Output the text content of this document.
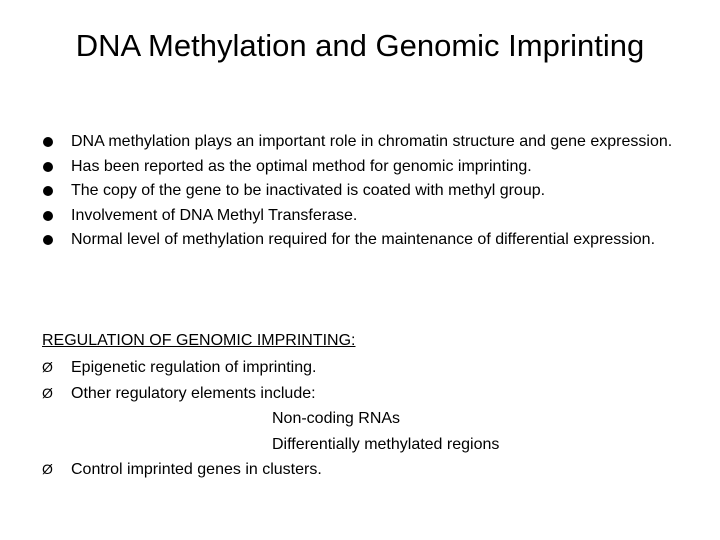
DNA Methylation and Genomic Imprinting
DNA methylation plays an important role in chromatin structure and gene expression.
Has been reported as the optimal method for genomic imprinting.
The copy of the gene to be inactivated is coated with methyl group.
Involvement of DNA Methyl Transferase.
Normal level of methylation required for the maintenance of differential expression.
REGULATION OF GENOMIC IMPRINTING:
Ø Epigenetic regulation of imprinting.
Ø Other regulatory elements include:
Non-coding RNAs
Differentially methylated regions
Ø Control imprinted genes in clusters.
